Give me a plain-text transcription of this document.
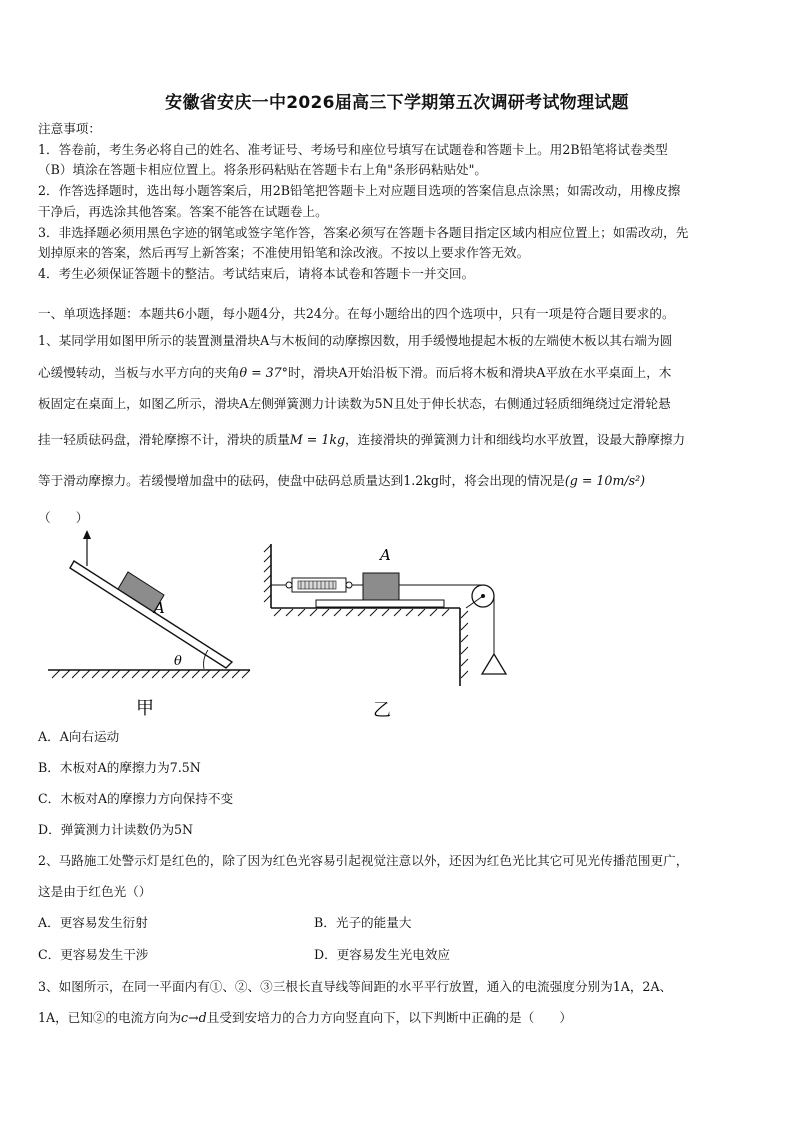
安徽省安庆一中2026届高三下学期第五次调研考试物理试题
注意事项：
1．答卷前，考生务必将自己的姓名、准考证号、考场号和座位号填写在试题卷和答题卡上。用2B铅笔将试卷类型
（B）填涂在答题卡相应位置上。将条形码粘贴在答题卡右上角"条形码粘贴处"。
2．作答选择题时，选出每小题答案后，用2B铅笔把答题卡上对应题目选项的答案信息点涂黑；如需改动，用橡皮擦
干净后，再选涂其他答案。答案不能答在试题卷上。
3．非选择题必须用黑色字迹的钢笔或签字笔作答，答案必须写在答题卡各题目指定区域内相应位置上；如需改动，先
划掉原来的答案，然后再写上新答案；不准使用铅笔和涂改液。不按以上要求作答无效。
4．考生必须保证答题卡的整洁。考试结束后，请将本试卷和答题卡一并交回。
一、单项选择题：本题共6小题，每小题4分，共24分。在每小题给出的四个选项中，只有一项是符合题目要求的。
1、某同学用如图甲所示的装置测量滑块A与木板间的动摩擦因数，用手缓慢地提起木板的左端使木板以其右端为圆
心缓慢转动，当板与水平方向的夹角θ = 37°时，滑块A开始沿板下滑。而后将木板和滑块A平放在水平桌面上，木
板固定在桌面上，如图乙所示，滑块A左侧弹簧测力计读数为5N且处于伸长状态，右侧通过轻质细绳绕过定滑轮悬
挂一轻质砝码盘，滑轮摩擦不计，滑块的质量M = 1kg，连接滑块的弹簧测力计和细线均水平放置，设最大静摩擦力
等于滑动摩擦力。若缓慢增加盘中的砝码，使盘中砝码总质量达到1.2kg时，将会出现的情况是(g = 10m/s²)
（　　）
A
θ
甲
A
乙
A．A向右运动
B．木板对A的摩擦力为7.5N
C．木板对A的摩擦力方向保持不变
D．弹簧测力计读数仍为5N
2、马路施工处警示灯是红色的，除了因为红色光容易引起视觉注意以外，还因为红色光比其它可见光传播范围更广，
这是由于红色光（）
A．更容易发生衍射	B．光子的能量大
C．更容易发生干涉	D．更容易发生光电效应
3、如图所示，在同一平面内有①、②、③三根长直导线等间距的水平平行放置，通入的电流强度分别为1A，2A、
1A，已知②的电流方向为c→d且受到安培力的合力方向竖直向下，以下判断中正确的是（　　）
